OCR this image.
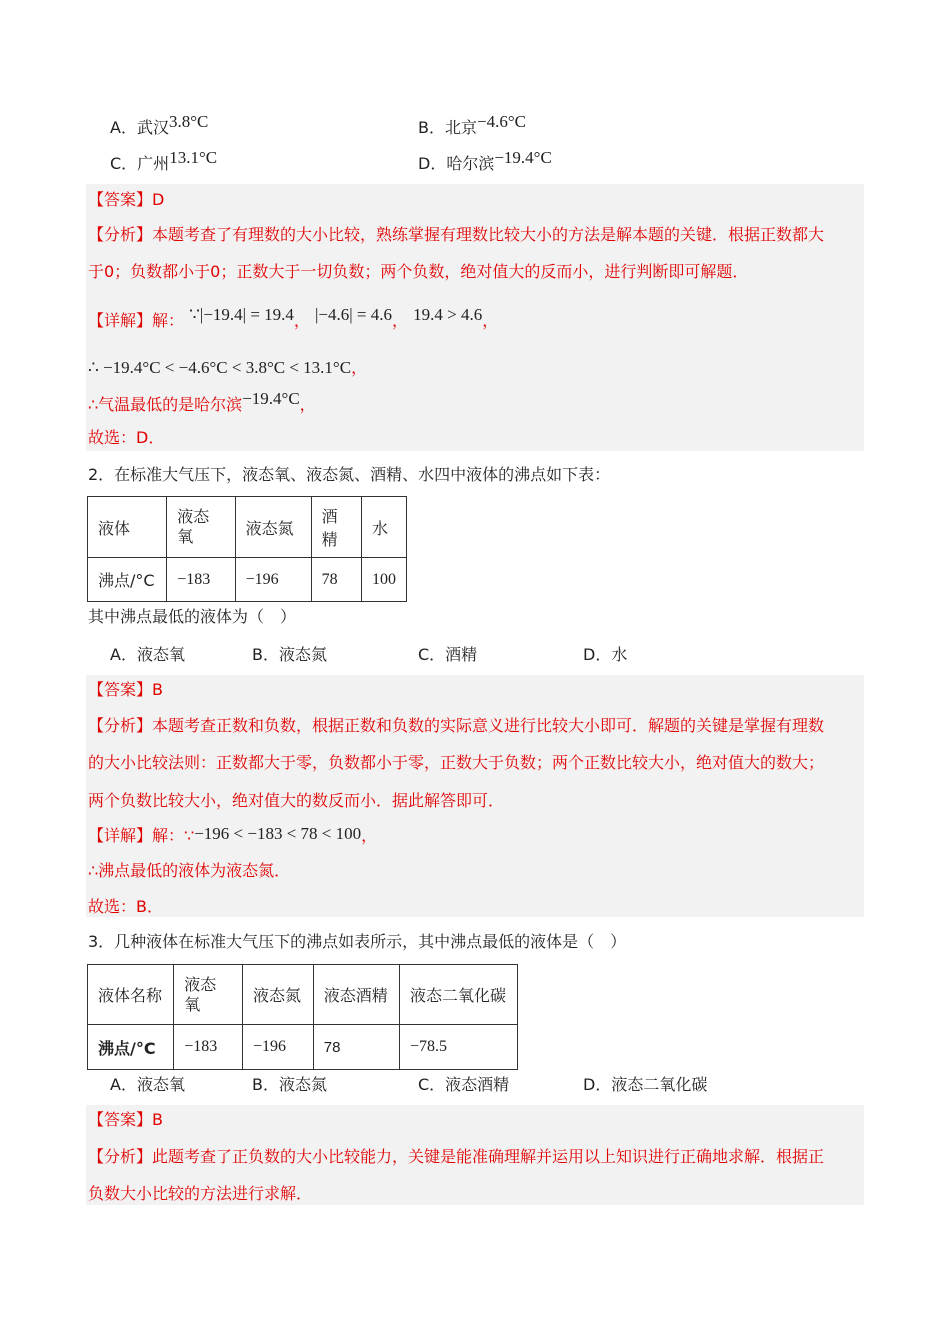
A．武汉3.8°C	B．北京−4.6°C
C．广州13.1°C	D．哈尔滨−19.4°C
【答案】D
【分析】本题考查了有理数的大小比较，熟练掌握有理数比较大小的方法是解本题的关键．根据正数都大
于0；负数都小于0；正数大于一切负数；两个负数，绝对值大的反而小，进行判断即可解题．
【详解】解： ∵|−19.4| = 19.4， |−4.6| = 4.6， 19.4 > 4.6，
∴ −19.4°C < −4.6°C < 3.8°C < 13.1°C，
∴气温最低的是哈尔滨−19.4°C，
故选：D．
2．在标准大气压下，液态氧、液态氮、酒精、水四中液体的沸点如下表：
液体	液态氧	液态氮	酒精	水
沸点/°C	−183	−196	78	100
其中沸点最低的液体为（　）
A．液态氧	B．液态氮	C．酒精	D．水
【答案】B
【分析】本题考查正数和负数，根据正数和负数的实际意义进行比较大小即可．解题的关键是掌握有理数
的大小比较法则：正数都大于零，负数都小于零，正数大于负数；两个正数比较大小，绝对值大的数大；
两个负数比较大小，绝对值大的数反而小．据此解答即可．
【详解】解：∵−196 < −183 < 78 < 100，
∴沸点最低的液体为液态氮．
故选：B．
3．几种液体在标准大气压下的沸点如表所示，其中沸点最低的液体是（　）
液体名称	液态氧	液态氮	液态酒精	液态二氧化碳
沸点/°C	−183	−196	78	−78.5
A．液态氧	B．液态氮	C．液态酒精	D．液态二氧化碳
【答案】B
【分析】此题考查了正负数的大小比较能力，关键是能准确理解并运用以上知识进行正确地求解．根据正
负数大小比较的方法进行求解．
